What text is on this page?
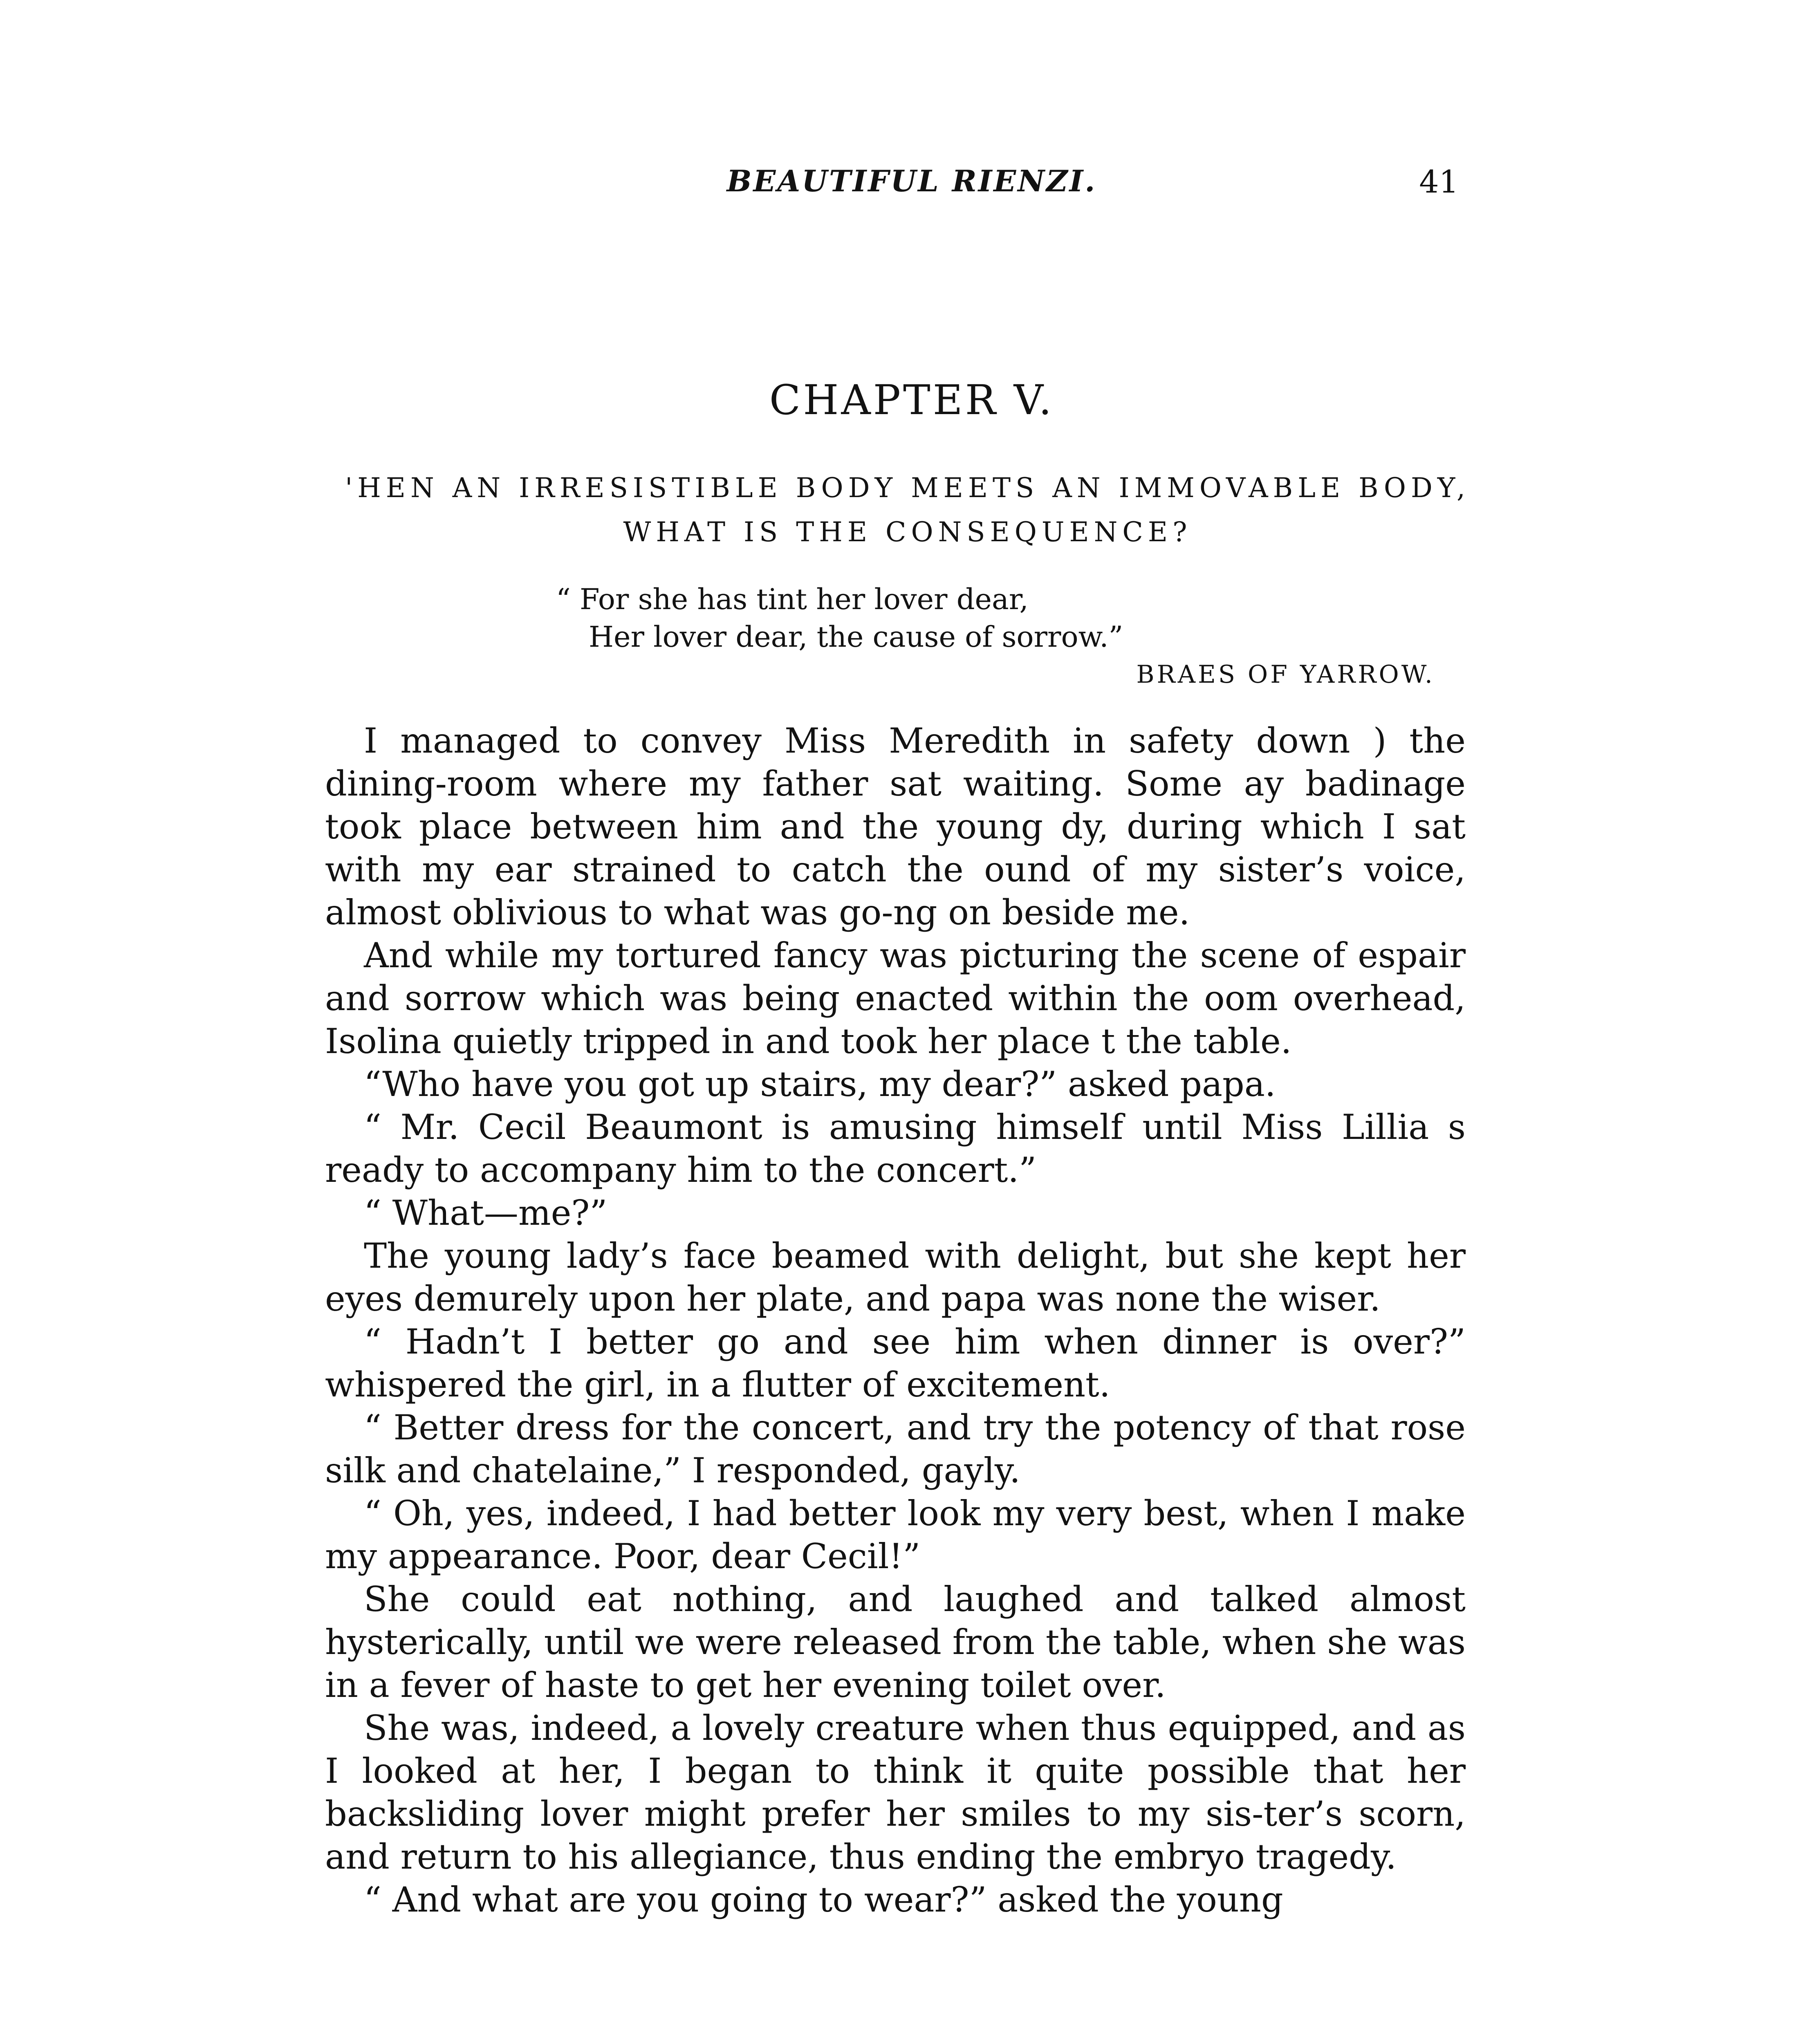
BEAUTIFUL RIENZI.	41
CHAPTER V.
'HEN AN IRRESISTIBLE BODY MEETS AN IMMOVABLE BODY, WHAT IS THE CONSEQUENCE?
“ For she has tint her lover dear,
Her lover dear, the cause of sorrow.”
BRAES OF YARROW.

I managed to convey Miss Meredith in safety down ) the dining-room where my father sat waiting. Some ay badinage took place between him and the young dy, during which I sat with my ear strained to catch the ound of my sister’s voice, almost oblivious to what was go-ng on beside me.

And while my tortured fancy was picturing the scene of espair and sorrow which was being enacted within the oom overhead, Isolina quietly tripped in and took her place t the table.

“Who have you got up stairs, my dear?” asked papa.

“ Mr. Cecil Beaumont is amusing himself until Miss Lillia s ready to accompany him to the concert.”

“ What—me?”

The young lady’s face beamed with delight, but she kept her eyes demurely upon her plate, and papa was none the wiser.

“ Hadn’t I better go and see him when dinner is over?” whispered the girl, in a flutter of excitement.

“ Better dress for the concert, and try the potency of that rose silk and chatelaine,” I responded, gayly.

“ Oh, yes, indeed, I had better look my very best, when I make my appearance. Poor, dear Cecil!”

She could eat nothing, and laughed and talked almost hysterically, until we were released from the table, when she was in a fever of haste to get her evening toilet over.

She was, indeed, a lovely creature when thus equipped, and as I looked at her, I began to think it quite possible that her backsliding lover might prefer her smiles to my sis-ter’s scorn, and return to his allegiance, thus ending the embryo tragedy.

“ And what are you going to wear?” asked the young
